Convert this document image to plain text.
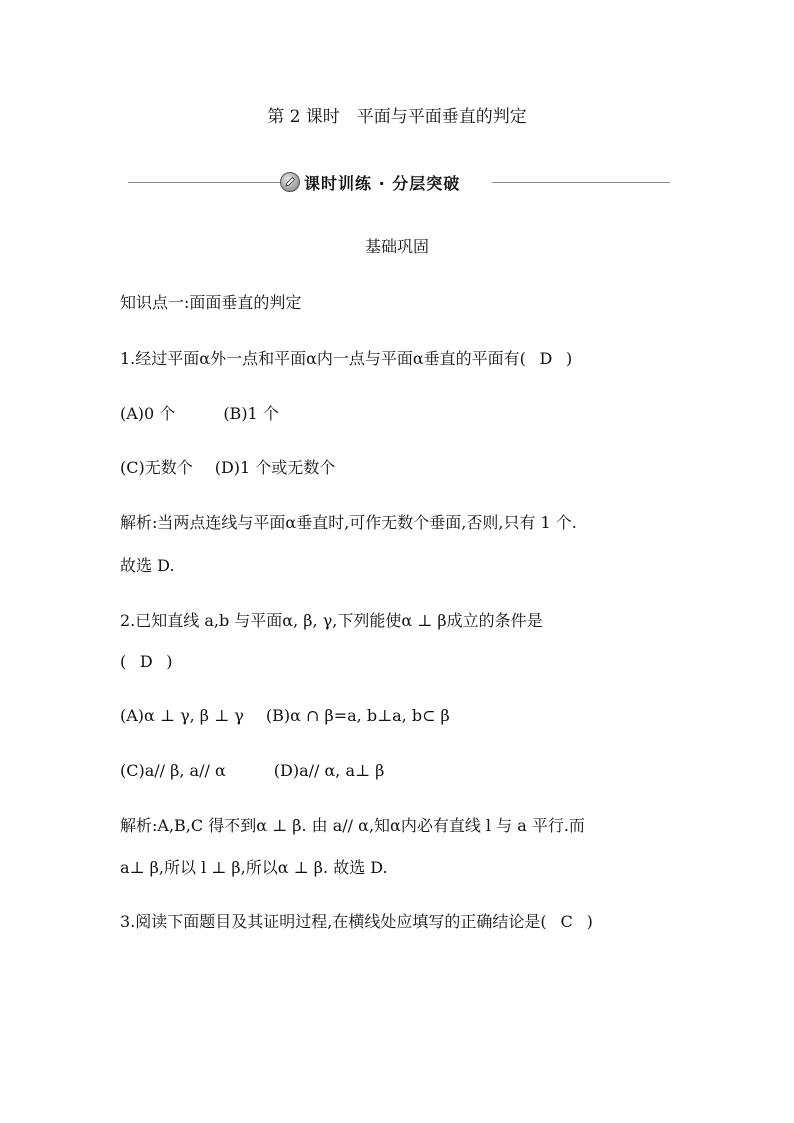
第 2 课时　平面与平面垂直的判定

课时训练 · 分层突破

基础巩固

知识点一:面面垂直的判定

1.经过平面α外一点和平面α内一点与平面α垂直的平面有( D )

(A)0 个	(B)1 个

(C)无数个 (D)1 个或无数个

解析:当两点连线与平面α垂直时,可作无数个垂面,否则,只有 1 个.

故选 D.

2.已知直线 a,b 与平面α, β, γ,下列能使α ⊥ β成立的条件是

( D )

(A)α ⊥ γ, β ⊥ γ (B)α ∩ β=a, b⊥a, b⊂ β

(C)a// β, a// α	(D)a// α, a⊥ β

解析:A,B,C 得不到α ⊥ β. 由 a// α,知α内必有直线 l 与 a 平行.而

a⊥ β,所以 l ⊥ β,所以α ⊥ β. 故选 D.

3.阅读下面题目及其证明过程,在横线处应填写的正确结论是( C )
